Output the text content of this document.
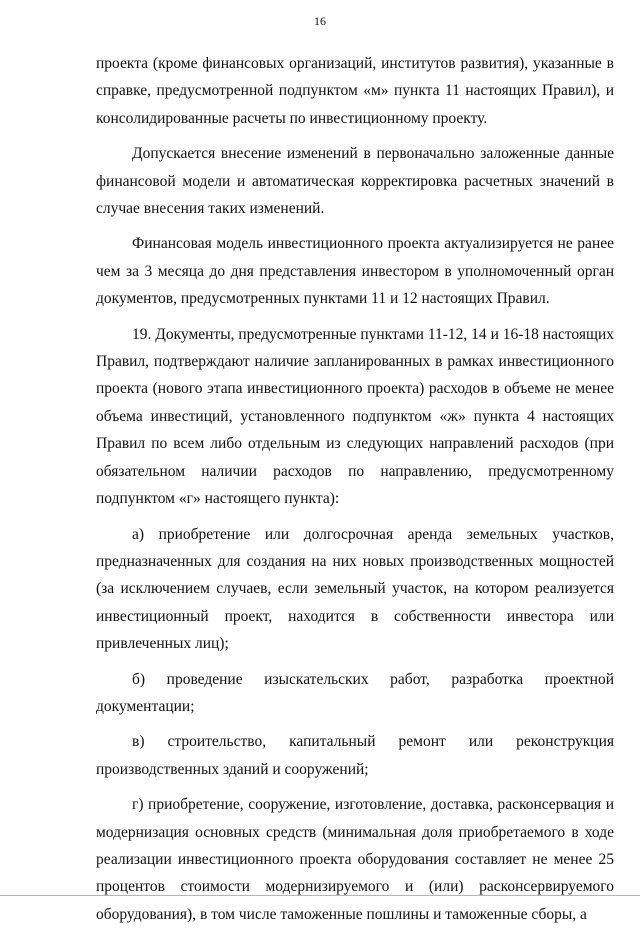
16

проекта (кроме финансовых организаций, институтов развития), указанные в справке, предусмотренной подпунктом «м» пункта 11 настоящих Правил), и консолидированные расчеты по инвестиционному проекту.

Допускается внесение изменений в первоначально заложенные данные финансовой модели и автоматическая корректировка расчетных значений в случае внесения таких изменений.

Финансовая модель инвестиционного проекта актуализируется не ранее чем за 3 месяца до дня представления инвестором в уполномоченный орган документов, предусмотренных пунктами 11 и 12 настоящих Правил.

19. Документы, предусмотренные пунктами 11-12, 14 и 16-18 настоящих Правил, подтверждают наличие запланированных в рамках инвестиционного проекта (нового этапа инвестиционного проекта) расходов в объеме не менее объема инвестиций, установленного подпунктом «ж» пункта 4 настоящих Правил по всем либо отдельным из следующих направлений расходов (при обязательном наличии расходов по направлению, предусмотренному подпунктом «г» настоящего пункта):

а) приобретение или долгосрочная аренда земельных участков, предназначенных для создания на них новых производственных мощностей (за исключением случаев, если земельный участок, на котором реализуется инвестиционный проект, находится в собственности инвестора или привлеченных лиц);

б) проведение изыскательских работ, разработка проектной документации;

в) строительство, капитальный ремонт или реконструкция производственных зданий и сооружений;

г) приобретение, сооружение, изготовление, доставка, расконсервация и модернизация основных средств (минимальная доля приобретаемого в ходе реализации инвестиционного проекта оборудования составляет не менее 25 процентов стоимости модернизируемого и (или) расконсервируемого оборудования), в том числе таможенные пошлины и таможенные сборы, а
